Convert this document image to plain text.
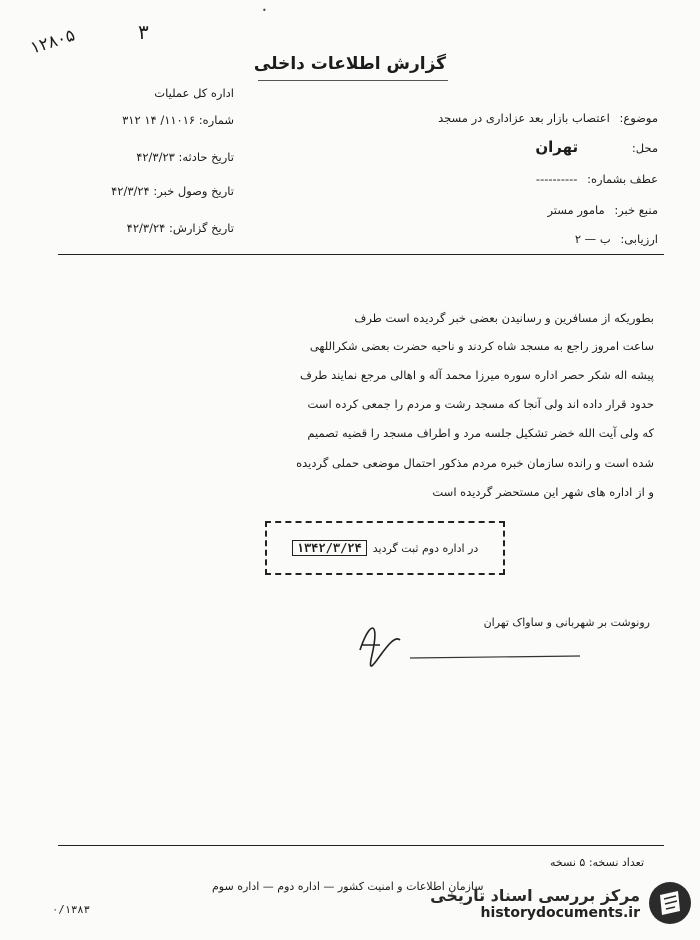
•
۱۲۸۰۵	۳
گزارش اطلاعات داخلی
اداره کل عملیات
شماره: ۱۱۰۱۶/ ۱۴ ۳۱۲
تاریخ حادثه: ۴۲/۳/۲۳
تاریخ وصول خبر: ۴۲/۳/۲۴
تاریخ گزارش: ۴۲/۳/۲۴
موضوع: اعتصاب بازار بعد عزاداری در مسجد
محل: تهران
عطف بشماره: ----------
منبع خبر: مامور مستر
ارزیابی: ب — ۲
بطوریکه از مسافرین و رسانیدن بعضی خبر گردیده است طرف
ساعت امروز راجع به مسجد شاه کردند و ناحیه حضرت بعضی شکراللهی
پیشه اله شکر حصر اداره سوره میرزا محمد آله و اهالی مرجع نمایند طرف
حدود قرار داده اند ولی آنجا که مسجد رشت و مردم را جمعی کرده است
که ولی آیت الله خضر تشکیل جلسه مرد و اطراف مسجد را قضیه تصمیم
شده است و رانده سازمان خبره مردم مذکور احتمال موضعی حملی گردیده
و از اداره های شهر این مستحضر گردیده است
در اداره دوم ثبت گردید
۱۳۴۲/۳/۲۴
رونوشت بر شهربانی و ساواک تهران
تعداد نسخه: ۵ نسخه
سازمان اطلاعات و امنیت کشور — اداره دوم — اداره سوم
۰/۱۳۸۳
مرکز بررسی اسناد تاریخی
historydocuments.ir
